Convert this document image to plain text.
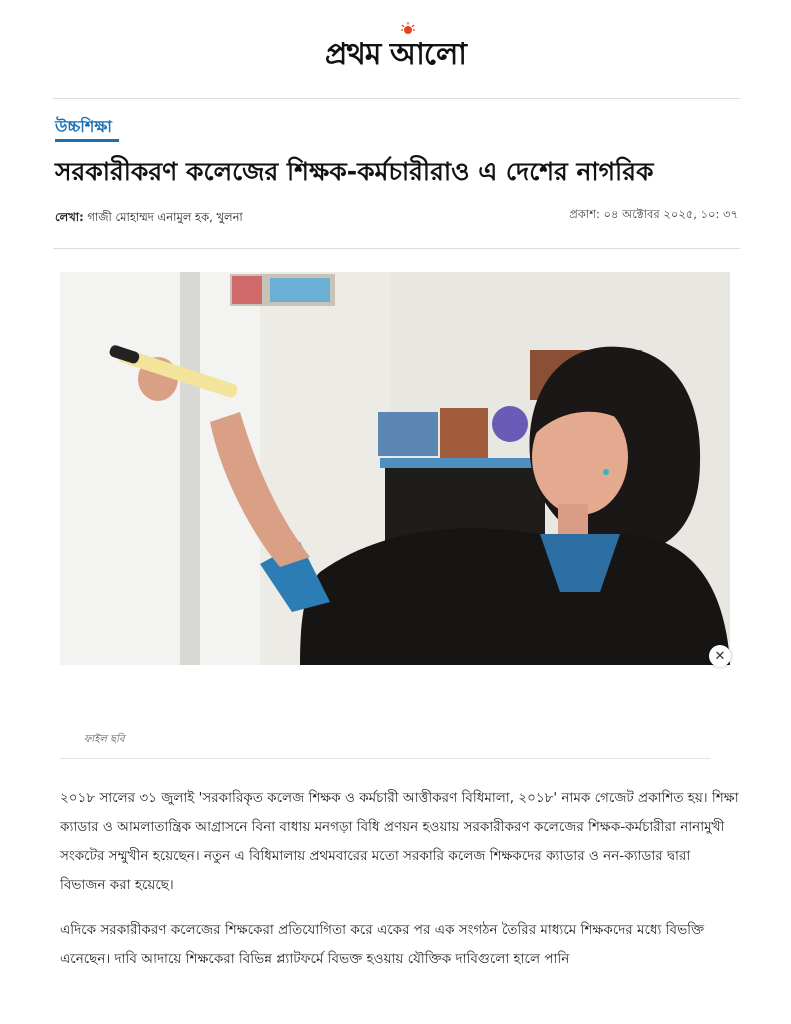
প্রথম আলো
উচ্চশিক্ষা
সরকারীকরণ কলেজের শিক্ষক-কর্মচারীরাও এ দেশের নাগরিক
লেখা: গাজী মোহাম্মদ এনামুল হক, খুলনা	প্রকাশ: ০৪ অক্টোবর ২০২৫, ১০: ৩৭
✕
ফাইল ছবি

২০১৮ সালের ৩১ জুলাই 'সরকারিকৃত কলেজ শিক্ষক ও কর্মচারী আত্তীকরণ বিধিমালা, ২০১৮' নামক গেজেট প্রকাশিত হয়। শিক্ষা ক্যাডার ও আমলাতান্ত্রিক আগ্রাসনে বিনা বাধায় মনগড়া বিধি প্রণয়ন হওয়ায় সরকারীকরণ কলেজের শিক্ষক-কর্মচারীরা নানামুখী সংকটের সম্মুখীন হয়েছেন। নতুন এ বিধিমালায় প্রথমবারের মতো সরকারি কলেজ শিক্ষকদের ক্যাডার ও নন-ক্যাডার দ্বারা বিভাজন করা হয়েছে।

এদিকে সরকারীকরণ কলেজের শিক্ষকেরা প্রতিযোগিতা করে একের পর এক সংগঠন তৈরির মাধ্যমে শিক্ষকদের মধ্যে বিভক্তি এনেছেন। দাবি আদায়ে শিক্ষকেরা বিভিন্ন প্ল্যাটফর্মে বিভক্ত হওয়ায় যৌক্তিক দাবিগুলো হালে পানি
